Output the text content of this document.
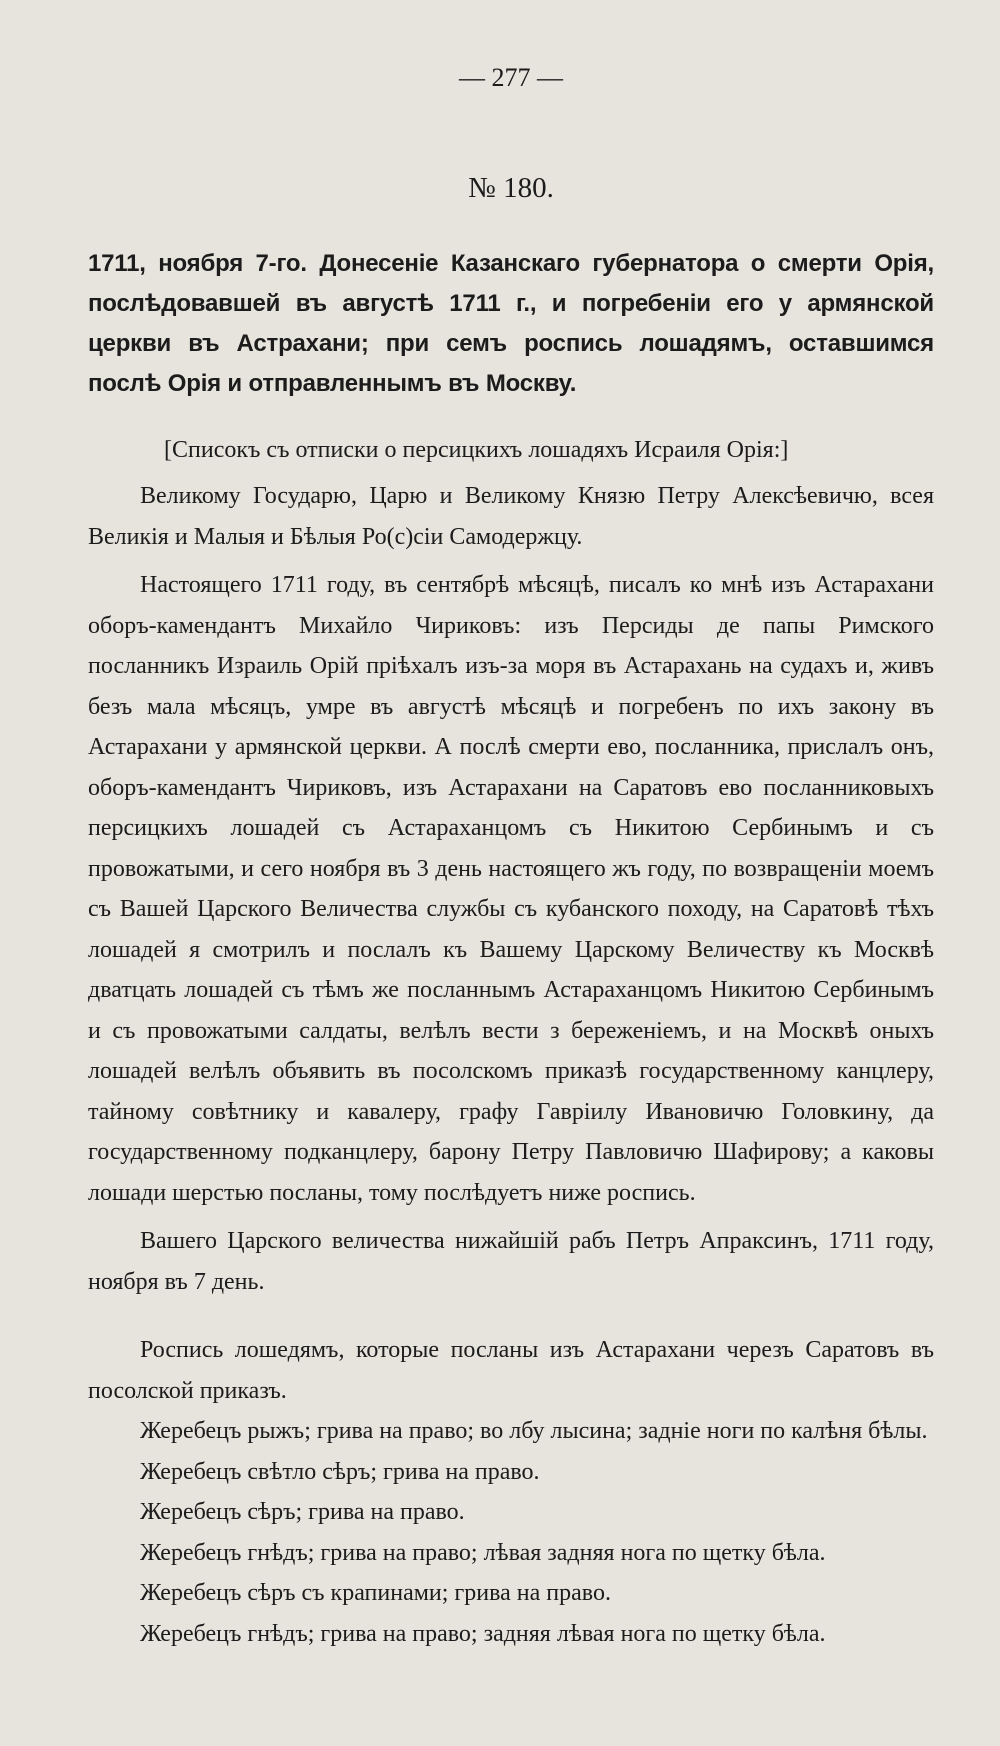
— 277 —
№ 180.
1711, ноября 7-го. Донесеніе Казанскаго губернатора о смерти Орія, послѣдовавшей въ августѣ 1711 г., и погребеніи его у армянской церкви въ Астрахани; при семъ роспись лошадямъ, оставшимся послѣ Орія и отправленнымъ въ Москву.
[Списокъ съ отписки о персицкихъ лошадяхъ Исраиля Орія:]
Великому Государю, Царю и Великому Князю Петру Алексѣевичю, всея Великія и Малыя и Бѣлыя Ро(с)сіи Самодержцу.
Настоящего 1711 году, въ сентябрѣ мѣсяцѣ, писалъ ко мнѣ изъ Астарахани оборъ-камендантъ Михайло Чириковъ: изъ Персиды де папы Римского посланникъ Израиль Орій пріѣхалъ изъ-за моря въ Астарахань на судахъ и, живъ безъ мала мѣсяцъ, умре въ августѣ мѣсяцѣ и погребенъ по ихъ закону въ Астарахани у армянской церкви. А послѣ смерти ево, посланника, прислалъ онъ, оборъ-камендантъ Чириковъ, изъ Астарахани на Саратовъ ево посланниковыхъ персицкихъ лошадей съ Астараханцомъ съ Никитою Сербинымъ и съ провожатыми, и сего ноября въ 3 день настоящего жъ году, по возвращеніи моемъ съ Вашей Царского Величества службы съ кубанского походу, на Саратовѣ тѣхъ лошадей я смотрилъ и послалъ къ Вашему Царскому Величеству къ Москвѣ дватцать лошадей съ тѣмъ же посланнымъ Астараханцомъ Никитою Сербинымъ и съ провожатыми салдаты, велѣлъ вести з береженіемъ, и на Москвѣ оныхъ лошадей велѣлъ объявить въ посолскомъ приказѣ государственному канцлеру, тайному совѣтнику и кавалеру, графу Гавріилу Ивановичю Головкину, да государственному подканцлеру, барону Петру Павловичю Шафирову; а каковы лошади шерстью посланы, тому послѣдуетъ ниже роспись.
Вашего Царского величества нижайшій рабъ Петръ Апраксинъ, 1711 году, ноября въ 7 день.
Роспись лошедямъ, которые посланы изъ Астарахани черезъ Саратовъ въ посолской приказъ.
Жеребецъ рыжъ; грива на право; во лбу лысина; задніе ноги по калѣня бѣлы.
Жеребецъ свѣтло сѣръ; грива на право.
Жеребецъ сѣръ; грива на право.
Жеребецъ гнѣдъ; грива на право; лѣвая задняя нога по щетку бѣла.
Жеребецъ сѣръ съ крапинами; грива на право.
Жеребецъ гнѣдъ; грива на право; задняя лѣвая нога по щетку бѣла.
